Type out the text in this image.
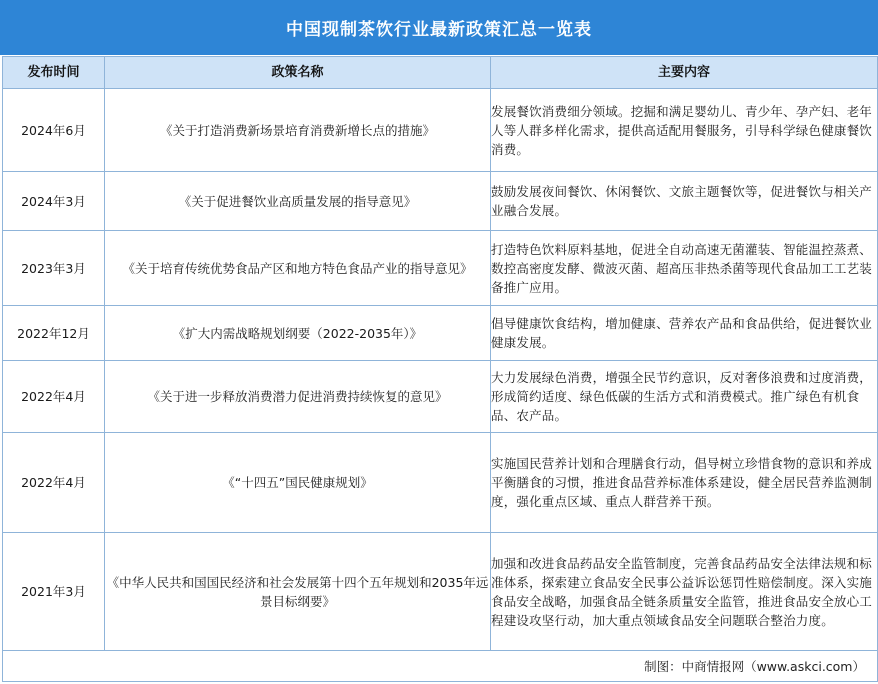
中国现制茶饮行业最新政策汇总一览表
发布时间	政策名称	主要内容
2024年6月	《关于打造消费新场景培育消费新增长点的措施》	发展餐饮消费细分领域。挖掘和满足婴幼儿、青少年、孕产妇、老年人等人群多样化需求，提供高适配用餐服务，引导科学绿色健康餐饮消费。
2024年3月	《关于促进餐饮业高质量发展的指导意见》	鼓励发展夜间餐饮、休闲餐饮、文旅主题餐饮等，促进餐饮与相关产业融合发展。
2023年3月	《关于培育传统优势食品产区和地方特色食品产业的指导意见》	打造特色饮料原料基地，促进全自动高速无菌灌装、智能温控蒸煮、数控高密度发酵、微波灭菌、超高压非热杀菌等现代食品加工工艺装备推广应用。
2022年12月	《扩大内需战略规划纲要（2022-2035年）》	倡导健康饮食结构，增加健康、营养农产品和食品供给，促进餐饮业健康发展。
2022年4月	《关于进一步释放消费潜力促进消费持续恢复的意见》	大力发展绿色消费，增强全民节约意识，反对奢侈浪费和过度消费，形成简约适度、绿色低碳的生活方式和消费模式。推广绿色有机食品、农产品。
2022年4月	《“十四五”国民健康规划》	实施国民营养计划和合理膳食行动，倡导树立珍惜食物的意识和养成平衡膳食的习惯，推进食品营养标准体系建设，健全居民营养监测制度，强化重点区域、重点人群营养干预。
2021年3月	《中华人民共和国国民经济和社会发展第十四个五年规划和2035年远景目标纲要》	加强和改进食品药品安全监管制度，完善食品药品安全法律法规和标准体系，探索建立食品安全民事公益诉讼惩罚性赔偿制度。深入实施食品安全战略，加强食品全链条质量安全监管，推进食品安全放心工程建设攻坚行动，加大重点领域食品安全问题联合整治力度。
制图：中商情报网（www.askci.com）		
